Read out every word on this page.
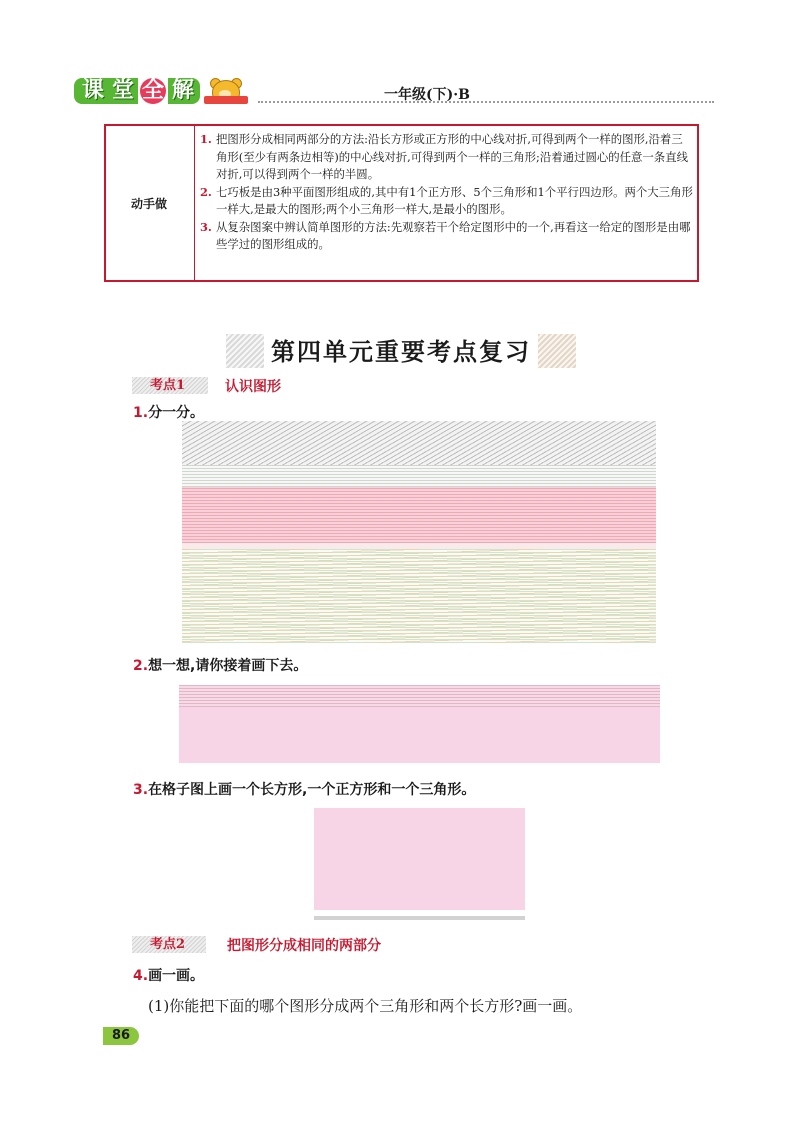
课 堂 全 解	一年级(下)·B
动手做
1. 把图形分成相同两部分的方法:沿长方形或正方形的中心线对折,可得到两个一样的图形,沿着三角形(至少有两条边相等)的中心线对折,可得到两个一样的三角形;沿着通过圆心的任意一条直线对折,可以得到两个一样的半圆。
2. 七巧板是由3种平面图形组成的,其中有1个正方形、5个三角形和1个平行四边形。两个大三角形一样大,是最大的图形;两个小三角形一样大,是最小的图形。
3. 从复杂图案中辨认简单图形的方法:先观察若干个给定图形中的一个,再看这一给定的图形是由哪些学过的图形组成的。
第四单元重要考点复习
考点1	认识图形
1.分一分。
2.想一想,请你接着画下去。
3.在格子图上画一个长方形,一个正方形和一个三角形。
考点2	把图形分成相同的两部分
4.画一画。
(1)你能把下面的哪个图形分成两个三角形和两个长方形?画一画。
86
